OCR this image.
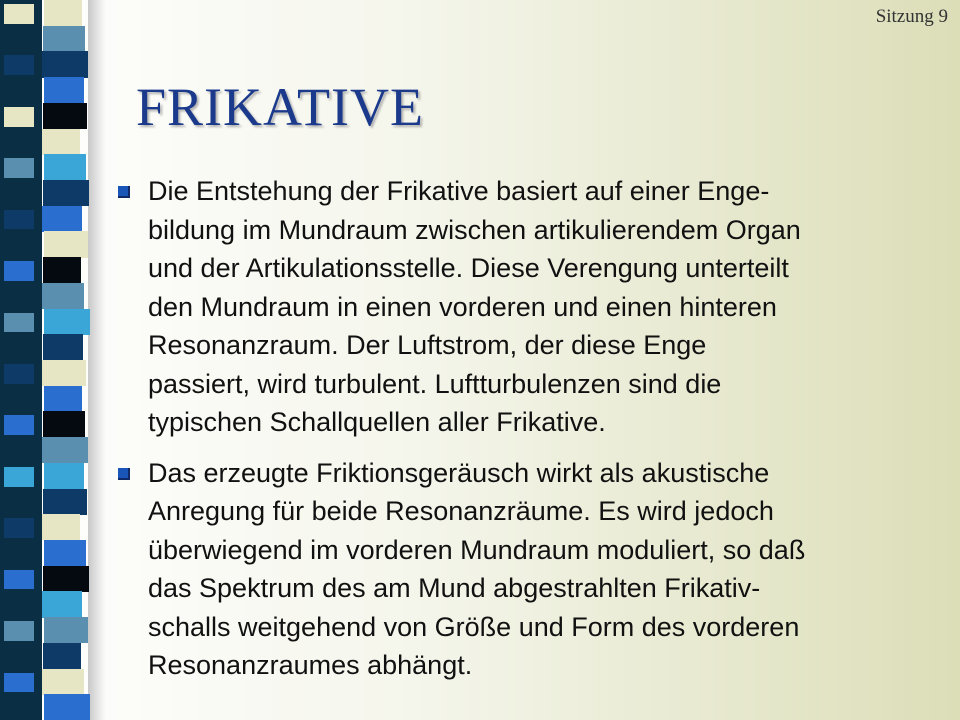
Sitzung 9
FRIKATIVE
Die Entstehung der Frikative basiert auf einer Enge-
bildung im Mundraum zwischen artikulierendem Organ
und der Artikulationsstelle. Diese Verengung unterteilt
den Mundraum in einen vorderen und einen hinteren
Resonanzraum. Der Luftstrom, der diese Enge
passiert, wird turbulent. Luftturbulenzen sind die
typischen Schallquellen aller Frikative.
Das erzeugte Friktionsgeräusch wirkt als akustische
Anregung für beide Resonanzräume. Es wird jedoch
überwiegend im vorderen Mundraum moduliert, so daß
das Spektrum des am Mund abgestrahlten Frikativ-
schalls weitgehend von Größe und Form des vorderen
Resonanzraumes abhängt.
